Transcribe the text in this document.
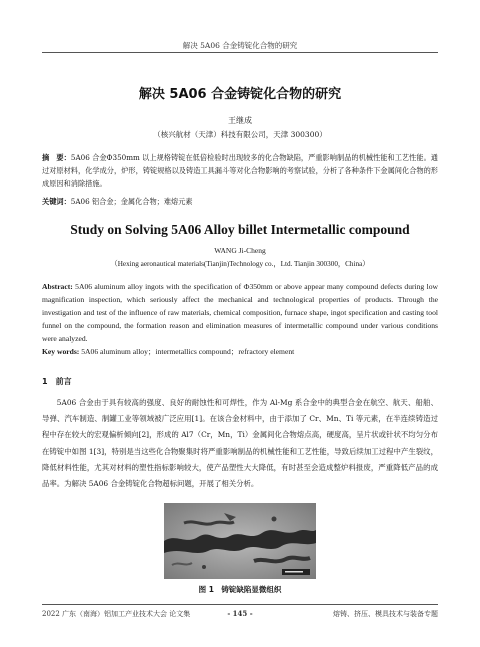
解决 5A06 合金铸锭化合物的研究
解决 5A06 合金铸锭化合物的研究
王继成
（核兴航材（天津）科技有限公司，天津 300300）
摘　要：5A06 合金Ф350mm 以上规格铸锭在低倍检验时出现较多的化合物缺陷，严重影响制品的机械性能和工艺性能。通过对原材料，化学成分，炉形，铸锭规格以及铸造工具漏斗等对化合物影响的考察试验，分析了各种条件下金属间化合物的形成原因和消除措施。
关键词：5A06 铝合金；金属化合物；难熔元素
Study on Solving 5A06 Alloy billet Intermetallic compound
WANG Ji-Cheng
（Hexing aeronautical materials(Tianjin)Technology co.，Ltd. Tianjin 300300，China）
Abstract: 5A06 aluminum alloy ingots with the specification of Ф350mm or above appear many compound defects during low magnification inspection, which seriously affect the mechanical and technological properties of products. Through the investigation and test of the influence of raw materials, chemical composition, furnace shape, ingot specification and casting tool funnel on the compound, the formation reason and elimination measures of intermetallic compound under various conditions were analyzed.
Key words: 5A06 aluminum alloy；intermetallics compound；refractory element
1　前言
5A06 合金由于具有较高的强度、良好的耐蚀性和可焊性，作为 Al-Mg 系合金中的典型合金在航空、航天、船舶、导弹、汽车制造、制罐工业等领域被广泛应用[1]。在该合金材料中，由于添加了 Cr、Mn、Ti 等元素，在半连续铸造过程中存在较大的宏观偏析倾向[2]，形成的 Al7（Cr，Mn，Ti）金属间化合物熔点高，硬度高，呈片状或针状不均匀分布在铸锭中如图 1[3]，特别是当这些化合物聚集时将严重影响制品的机械性能和工艺性能，导致后续加工过程中产生裂纹，降低材料性能，尤其对材料的塑性指标影响较大，使产品塑性大大降低，有时甚至会造成整炉料报废，严重降低产品的成品率。为解决 5A06 合金铸锭化合物超标问题，开展了相关分析。
图 1　铸锭缺陷显微组织
2022 广东（南海）铝加工产业技术大会 论文集	- 145 -	熔铸、挤压、模具技术与装备专题
